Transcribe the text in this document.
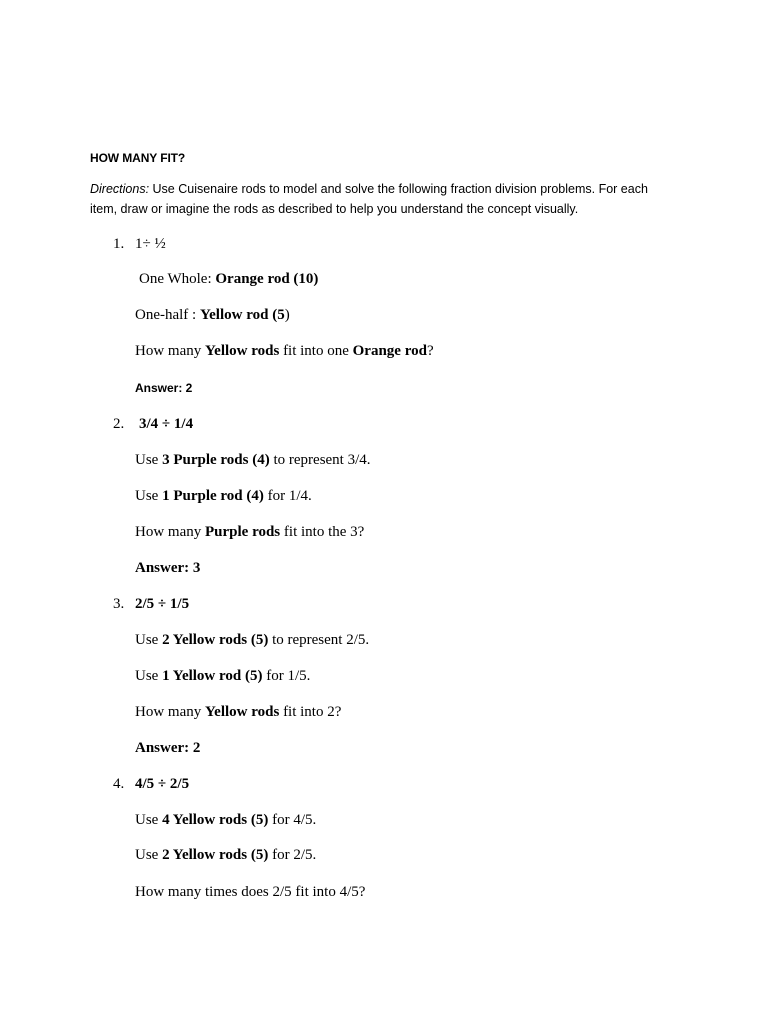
HOW MANY FIT?
Directions: Use Cuisenaire rods to model and solve the following fraction division problems. For each item, draw or imagine the rods as described to help you understand the concept visually.
1. 1÷ ½
One Whole: Orange rod (10)
One-half : Yellow rod (5)
How many Yellow rods fit into one Orange rod?
Answer: 2
2. 3/4 ÷ 1/4
Use 3 Purple rods (4) to represent 3/4.
Use 1 Purple rod (4) for 1/4.
How many Purple rods fit into the 3?
Answer: 3
3. 2/5 ÷ 1/5
Use 2 Yellow rods (5) to represent 2/5.
Use 1 Yellow rod (5) for 1/5.
How many Yellow rods fit into 2?
Answer: 2
4. 4/5 ÷ 2/5
Use 4 Yellow rods (5) for 4/5.
Use 2 Yellow rods (5) for 2/5.
How many times does 2/5 fit into 4/5?
